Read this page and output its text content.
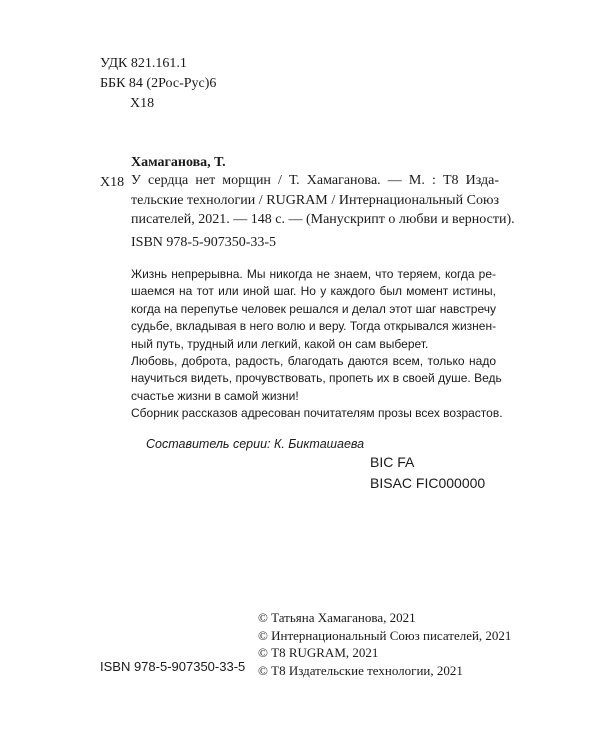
УДК 821.161.1
ББК 84 (2Рос-Рус)6
Х18
Хамаганова, Т.
Х18 У сердца нет морщин / Т. Хамаганова. — М. : Т8 Изда-
тельские технологии / RUGRAM / Интернациональный Союз
писателей, 2021. — 148 с. — (Манускрипт о любви и верности).
ISBN 978-5-907350-33-5
Жизнь непрерывна. Мы никогда не знаем, что теряем, когда ре-
шаемся на тот или иной шаг. Но у каждого был момент истины,
когда на перепутье человек решался и делал этот шаг навстречу
судьбе, вкладывая в него волю и веру. Тогда открывался жизнен-
ный путь, трудный или легкий, какой он сам выберет.
Любовь, доброта, радость, благодать даются всем, только надо
научиться видеть, прочувствовать, пропеть их в своей душе. Ведь
счастье жизни в самой жизни!
Сборник рассказов адресован почитателям прозы всех возрастов.
Составитель серии: К. Бикташаева
BIC FA
BISAC FIC000000
© Татьяна Хамаганова, 2021
© Интернациональный Союз писателей, 2021
© Т8 RUGRAM, 2021
© Т8 Издательские технологии, 2021
ISBN 978-5-907350-33-5
